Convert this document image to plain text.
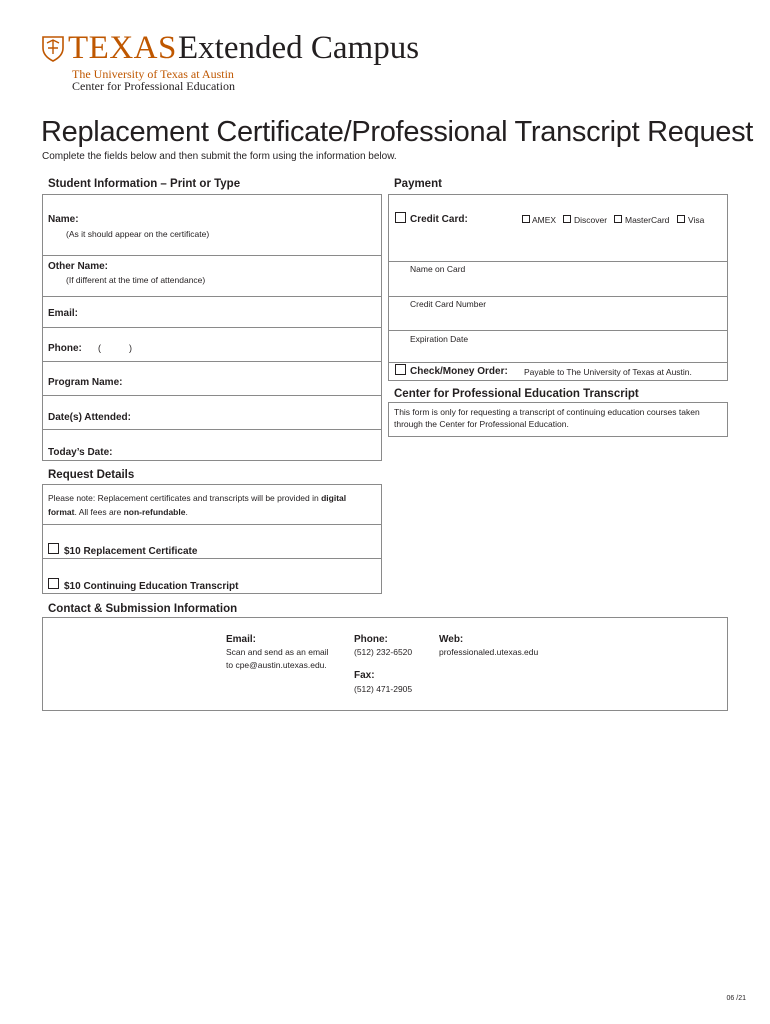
TEXAS Extended Campus
The University of Texas at Austin
Center for Professional Education
Replacement Certificate/Professional Transcript Request
Complete the fields below and then submit the form using the information below.
Student Information – Print or Type
Name:
(As it should appear on the certificate)
Other Name:
(If different at the time of attendance)
Email:
Phone: (	)
Program Name:
Date(s) Attended:
Today’s Date:
Payment
Credit Card:	AMEX Discover MasterCard Visa
Name on Card
Credit Card Number
Expiration Date
Check/Money Order: Payable to The University of Texas at Austin.
Center for Professional Education Transcript
This form is only for requesting a transcript of continuing education courses taken through the Center for Professional Education.
Request Details
Please note: Replacement certificates and transcripts will be provided in digital
format. All fees are non-refundable.
$10 Replacement Certificate
$10 Continuing Education Transcript
Contact & Submission Information
Email:
Scan and send as an email
to cpe@austin.utexas.edu.
Phone:
(512) 232-6520
Fax:
(512) 471-2905
Web:
professionaled.utexas.edu
06 /21
